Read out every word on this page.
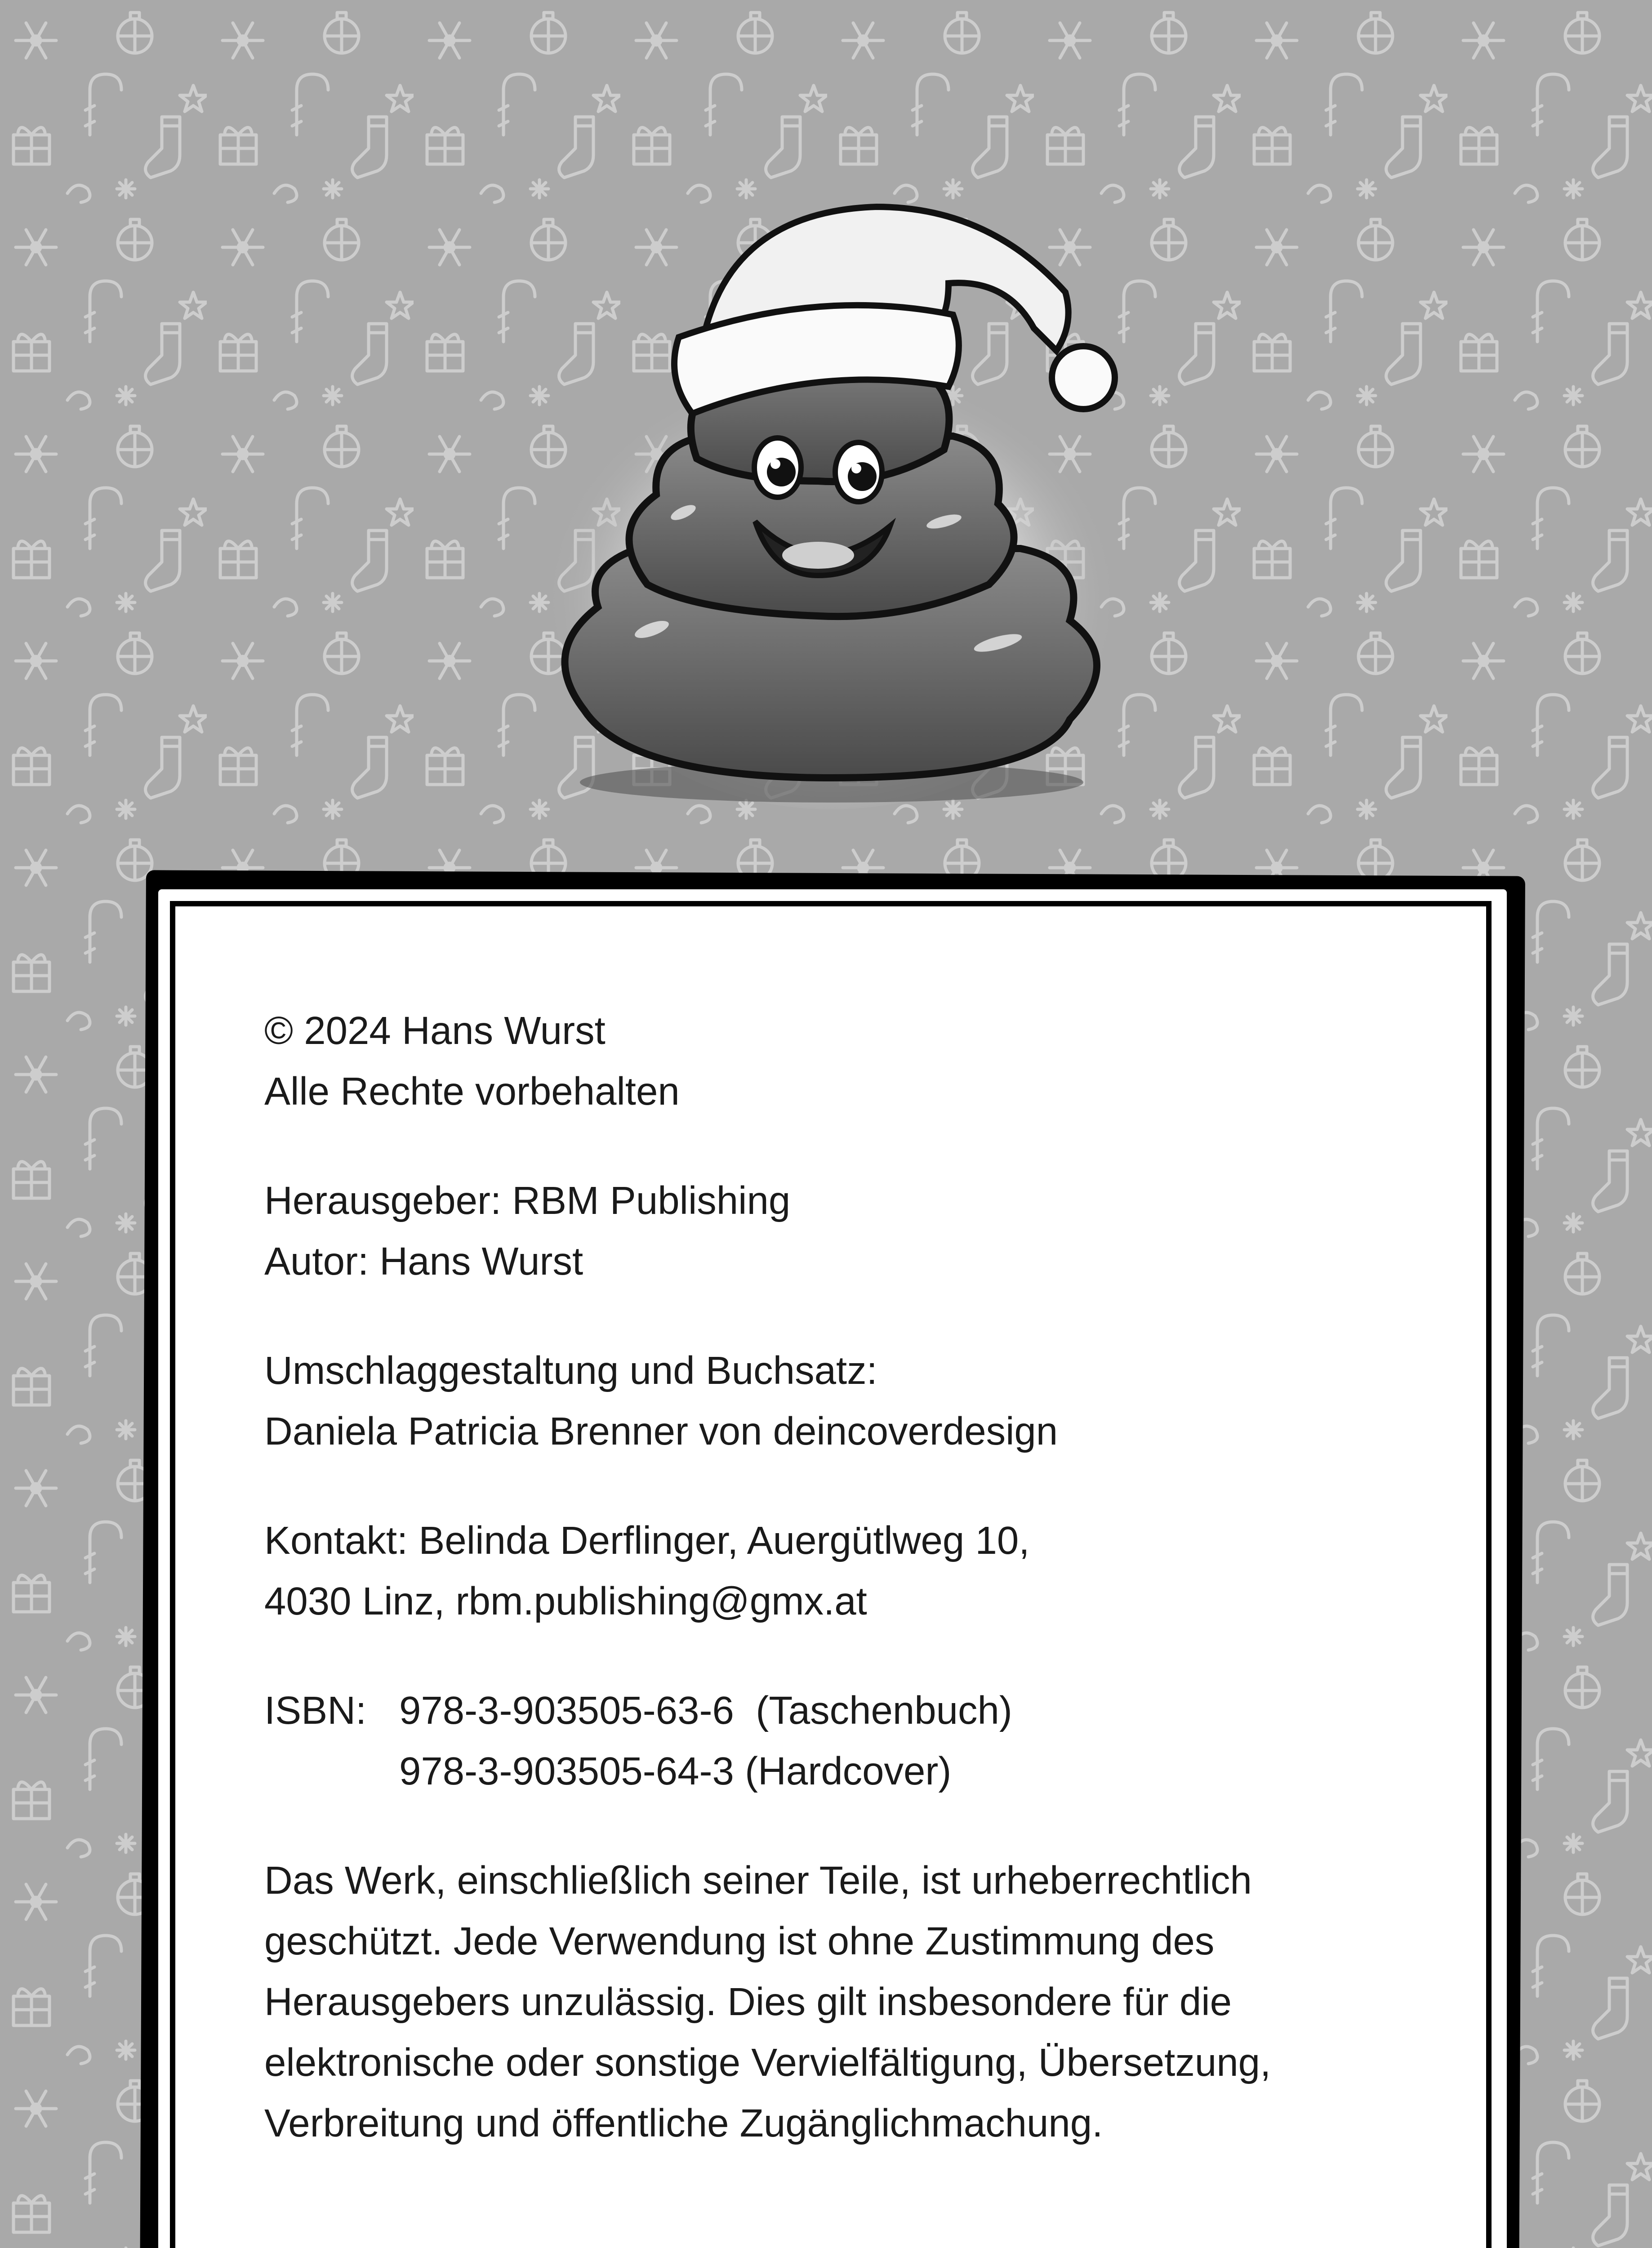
© 2024 Hans Wurst

Alle Rechte vorbehalten

Herausgeber: RBM Publishing

Autor: Hans Wurst

Umschlaggestaltung und Buchsatz:

Daniela Patricia Brenner von deincoverdesign

Kontakt: Belinda Derflinger, Auergütlweg 10,

4030 Linz, rbm.publishing@gmx.at

ISBN: 978-3-903505-63-6  (Taschenbuch)
978-3-903505-64-3 (Hardcover)

Das Werk, einschließlich seiner Teile, ist urheberrechtlich

geschützt. Jede Verwendung ist ohne Zustimmung des

Herausgebers unzulässig. Dies gilt insbesondere für die

elektronische oder sonstige Vervielfältigung, Übersetzung,

Verbreitung und öffentliche Zugänglichmachung.
